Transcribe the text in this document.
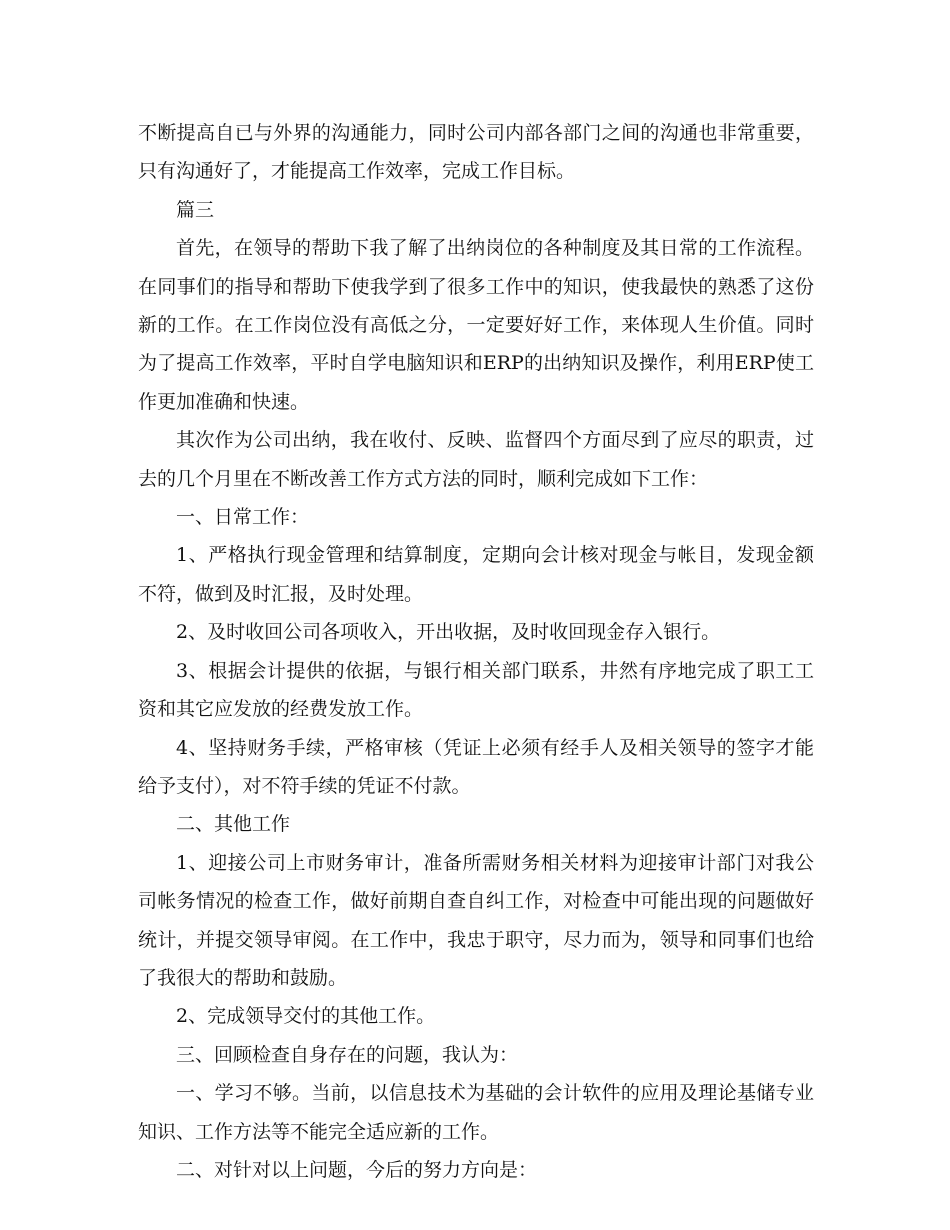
不断提高自已与外界的沟通能力，同时公司内部各部门之间的沟通也非常重要，只有沟通好了，才能提高工作效率，完成工作目标。

篇三

首先，在领导的帮助下我了解了出纳岗位的各种制度及其日常的工作流程。在同事们的指导和帮助下使我学到了很多工作中的知识，使我最快的熟悉了这份新的工作。在工作岗位没有高低之分，一定要好好工作，来体现人生价值。同时为了提高工作效率，平时自学电脑知识和ERP的出纳知识及操作，利用ERP使工作更加准确和快速。

其次作为公司出纳，我在收付、反映、监督四个方面尽到了应尽的职责，过去的几个月里在不断改善工作方式方法的同时，顺利完成如下工作：

一、日常工作：

1、严格执行现金管理和结算制度，定期向会计核对现金与帐目，发现金额不符，做到及时汇报，及时处理。

2、及时收回公司各项收入，开出收据，及时收回现金存入银行。

3、根据会计提供的依据，与银行相关部门联系，井然有序地完成了职工工资和其它应发放的经费发放工作。

4、坚持财务手续，严格审核（凭证上必须有经手人及相关领导的签字才能给予支付），对不符手续的凭证不付款。

二、其他工作

1、迎接公司上市财务审计，准备所需财务相关材料为迎接审计部门对我公司帐务情况的检查工作，做好前期自查自纠工作，对检查中可能出现的问题做好统计，并提交领导审阅。在工作中，我忠于职守，尽力而为，领导和同事们也给了我很大的帮助和鼓励。

2、完成领导交付的其他工作。

三、回顾检查自身存在的问题，我认为：

一、学习不够。当前，以信息技术为基础的会计软件的应用及理论基储专业知识、工作方法等不能完全适应新的工作。

二、对针对以上问题，今后的努力方向是：
